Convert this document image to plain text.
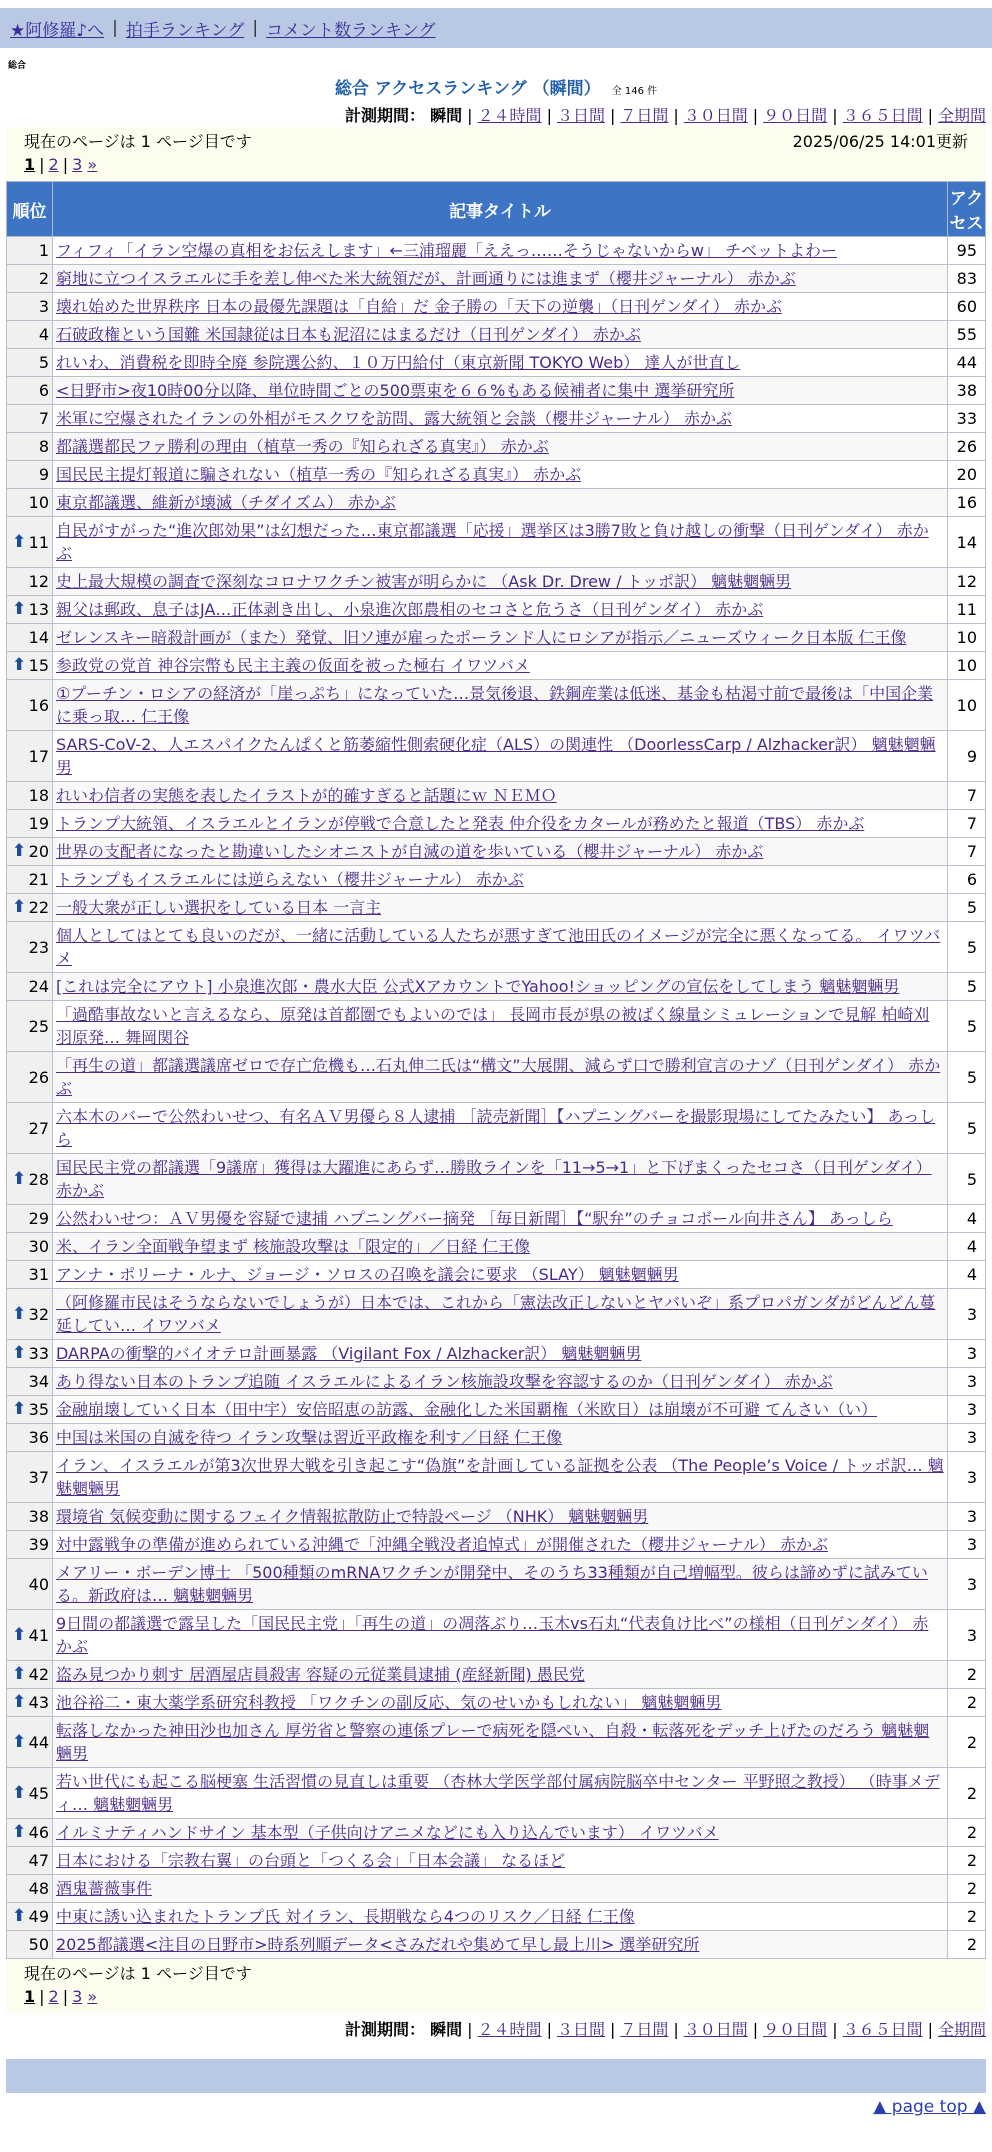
★阿修羅♪へ | 拍手ランキング | コメント数ランキング
総合
総合 アクセスランキング （瞬間） 全 146 件
計測期間： 瞬間 | ２４時間 | ３日間 | ７日間 | ３０日間 | ９０日間 | ３６５日間 | 全期間
現在のページは 1 ページ目です	2025/06/25 14:01更新
1 | 2 | 3 »
順位	記事タイトル	アクセス
1	フィフィ「イラン空爆の真相をお伝えします」←三浦瑠麗「ええっ……そうじゃないからw」 チベットよわー	95
2	窮地に立つイスラエルに手を差し伸べた米大統領だが、計画通りには進まず（櫻井ジャーナル） 赤かぶ	83
3	壊れ始めた世界秩序 日本の最優先課題は「自給」だ 金子勝の「天下の逆襲」（日刊ゲンダイ） 赤かぶ	60
4	石破政権という国難 米国隷従は日本も泥沼にはまるだけ（日刊ゲンダイ） 赤かぶ	55
5	れいわ、消費税を即時全廃 参院選公約、１０万円給付（東京新聞 TOKYO Web） 達人が世直し	44
6	<日野市>夜10時00分以降、単位時間ごとの500票束を６６%もある候補者に集中 選挙研究所	38
7	米軍に空爆されたイランの外相がモスクワを訪問、露大統領と会談（櫻井ジャーナル） 赤かぶ	33
8	都議選都民ファ勝利の理由（植草一秀の『知られざる真実』） 赤かぶ	26
9	国民民主提灯報道に騙されない（植草一秀の『知られざる真実』） 赤かぶ	20
10	東京都議選、維新が壊滅（チダイズム） 赤かぶ	16

⬆ 11	自民がすがった“進次郎効果”は幻想だった…東京都議選「応援」選挙区は3勝7敗と負け越しの衝撃（日刊ゲンダイ） 赤かぶ	14
12	史上最大規模の調査で深刻なコロナワクチン被害が明らかに （Ask Dr. Drew / トッポ訳） 魑魅魍魎男	12

⬆ 13	親父は郵政、息子はJA…正体剥き出し、小泉進次郎農相のセコさと危うさ（日刊ゲンダイ） 赤かぶ	11
14	ゼレンスキー暗殺計画が（また）発覚、旧ソ連が雇ったポーランド人にロシアが指示／ニューズウィーク日本版 仁王像	10

⬆ 15	参政党の党首 神谷宗幣も民主主義の仮面を被った極右 イワツバメ	10
16	①プーチン・ロシアの経済が「崖っぷち」になっていた…景気後退、鉄鋼産業は低迷、基金も枯渇寸前で最後は「中国企業に乗っ取… 仁王像	10
17	SARS-CoV-2、人エスパイクたんぱくと筋萎縮性側索硬化症（ALS）の関連性 （DoorlessCarp / Alzhacker訳） 魑魅魍魎男	9
18	れいわ信者の実態を表したイラストが的確すぎると話題にｗ ＮＥＭＯ	7
19	トランプ大統領、イスラエルとイランが停戦で合意したと発表 仲介役をカタールが務めたと報道（TBS） 赤かぶ	7

⬆ 20	世界の支配者になったと勘違いしたシオニストが自滅の道を歩いている（櫻井ジャーナル） 赤かぶ	7
21	トランプもイスラエルには逆らえない（櫻井ジャーナル） 赤かぶ	6

⬆ 22	一般大衆が正しい選択をしている日本 一言主	5
23	個人としてはとても良いのだが、一緒に活動している人たちが悪すぎて池田氏のイメージが完全に悪くなってる。 イワツバメ	5
24	[これは完全にアウト] 小泉進次郎・農水大臣 公式XアカウントでYahoo!ショッピングの宣伝をしてしまう 魑魅魍魎男	5
25	「過酷事故ないと言えるなら、原発は首都圏でもよいのでは」 長岡市長が県の被ばく線量シミュレーションで見解 柏崎刈羽原発… 舞岡関谷	5
26	「再生の道」都議選議席ゼロで存亡危機も…石丸伸二氏は“構文”大展開、減らず口で勝利宣言のナゾ（日刊ゲンダイ） 赤かぶ	5
27	六本木のバーで公然わいせつ、有名ＡＶ男優ら８人逮捕 ［読売新聞］【ハプニングバーを撮影現場にしてたみたい】 あっしら	5

⬆ 28	国民民主党の都議選「9議席」獲得は大躍進にあらず…勝敗ラインを「11→5→1」と下げまくったセコさ（日刊ゲンダイ） 赤かぶ	5
29	公然わいせつ：ＡＶ男優を容疑で逮捕 ハプニングバー摘発 ［毎日新聞］【“駅弁”のチョコボール向井さん】 あっしら	4
30	米、イラン全面戦争望まず 核施設攻撃は「限定的」／日経 仁王像	4
31	アンナ・ポリーナ・ルナ、ジョージ・ソロスの召喚を議会に要求 （SLAY） 魑魅魍魎男	4

⬆ 32	（阿修羅市民はそうならないでしょうが）日本では、これから「憲法改正しないとヤバいぞ」系プロパガンダがどんどん蔓延してい… イワツバメ	3

⬆ 33	DARPAの衝撃的バイオテロ計画暴露 （Vigilant Fox / Alzhacker訳） 魑魅魍魎男	3
34	あり得ない日本のトランプ追随 イスラエルによるイラン核施設攻撃を容認するのか（日刊ゲンダイ） 赤かぶ	3

⬆ 35	金融崩壊していく日本（田中宇）安倍昭恵の訪露、金融化した米国覇権（米欧日）は崩壊が不可避 てんさい（い）	3
36	中国は米国の自滅を待つ イラン攻撃は習近平政権を利す／日経 仁王像	3
37	イラン、イスラエルが第3次世界大戦を引き起こす“偽旗”を計画している証拠を公表 （The People’s Voice / トッポ訳… 魑魅魍魎男	3
38	環境省 気候変動に関するフェイク情報拡散防止で特設ページ （NHK） 魑魅魍魎男	3
39	対中露戦争の準備が進められている沖縄で「沖縄全戦没者追悼式」が開催された（櫻井ジャーナル） 赤かぶ	3
40	メアリー・ボーデン博士 「500種類のmRNAワクチンが開発中、そのうち33種類が自己増幅型。彼らは諦めずに試みている。新政府は… 魑魅魍魎男	3

⬆ 41	9日間の都議選で露呈した「国民民主党」「再生の道」の凋落ぶり…玉木vs石丸“代表負け比べ”の様相（日刊ゲンダイ） 赤かぶ	3

⬆ 42	盗み見つかり刺す 居酒屋店員殺害 容疑の元従業員逮捕 (産経新聞) 愚民党	2

⬆ 43	池谷裕二・東大薬学系研究科教授 「ワクチンの副反応、気のせいかもしれない」 魑魅魍魎男	2

⬆ 44	転落しなかった神田沙也加さん 厚労省と警察の連係プレーで病死を隠ぺい、自殺・転落死をデッチ上げたのだろう 魑魅魍魎男	2

⬆ 45	若い世代にも起こる脳梗塞 生活習慣の見直しは重要 （杏林大学医学部付属病院脳卒中センター 平野照之教授） （時事メディ… 魑魅魍魎男	2

⬆ 46	イルミナティハンドサイン 基本型（子供向けアニメなどにも入り込んでいます） イワツバメ	2
47	日本における「宗教右翼」の台頭と「つくる会」「日本会議」 なるほど	2
48	酒鬼薔薇事件	2

⬆ 49	中東に誘い込まれたトランプ氏 対イラン、長期戦なら4つのリスク／日経 仁王像	2
50	2025都議選<注目の日野市>時系列順データ<さみだれや集めて早し最上川> 選挙研究所	2
現在のページは 1 ページ目です
1 | 2 | 3 »
計測期間： 瞬間 | ２４時間 | ３日間 | ７日間 | ３０日間 | ９０日間 | ３６５日間 | 全期間
▲ page top ▲
